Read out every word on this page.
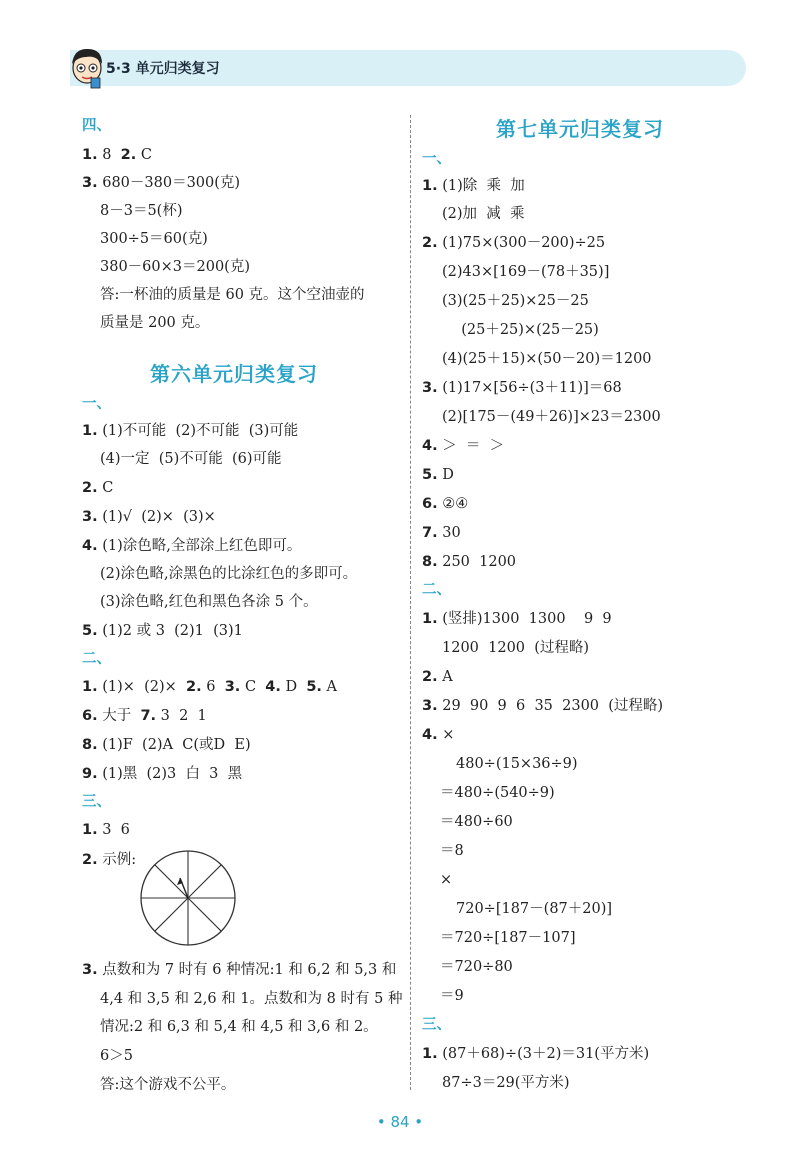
5·3 单元归类复习
四、
1. 8  2. C
3. 680－380＝300(克)
8－3＝5(杯)
300÷5＝60(克)
380－60×3＝200(克)
答:一杯油的质量是 60 克。这个空油壶的
质量是 200 克。
第六单元归类复习
一、
1. (1)不可能  (2)不可能  (3)可能
(4)一定  (5)不可能  (6)可能
2. C
3. (1)√  (2)×  (3)×
4. (1)涂色略,全部涂上红色即可。
(2)涂色略,涂黑色的比涂红色的多即可。
(3)涂色略,红色和黑色各涂 5 个。
5. (1)2 或 3  (2)1  (3)1
二、
1. (1)×  (2)×  2. 6  3. C  4. D  5. A
6. 大于  7. 3  2  1
8. (1)F  (2)A  C(或D  E)
9. (1)黑  (2)3  白  3  黑
三、
1. 3  6
2. 示例:
3. 点数和为 7 时有 6 种情况:1 和 6,2 和 5,3 和
4,4 和 3,5 和 2,6 和 1。点数和为 8 时有 5 种
情况:2 和 6,3 和 5,4 和 4,5 和 3,6 和 2。
6＞5
答:这个游戏不公平。
第七单元归类复习
一、
1. (1)除  乘  加
(2)加  减  乘
2. (1)75×(300－200)÷25
(2)43×[169－(78＋35)]
(3)(25＋25)×25－25
(25＋25)×(25－25)
(4)(25＋15)×(50－20)＝1200
3. (1)17×[56÷(3＋11)]＝68
(2)[175－(49＋26)]×23＝2300
4. ＞  ＝  ＞
5. D
6. ②④
7. 30
8. 250  1200
二、
1. (竖排)1300  1300    9  9
1200  1200  (过程略)
2. A
3. 29  90  9  6  35  2300  (过程略)
4. ×
480÷(15×36÷9)
＝480÷(540÷9)
＝480÷60
＝8
×
720÷[187－(87＋20)]
＝720÷[187－107]
＝720÷80
＝9
三、
1. (87＋68)÷(3＋2)＝31(平方米)
87÷3＝29(平方米)
• 84 •
